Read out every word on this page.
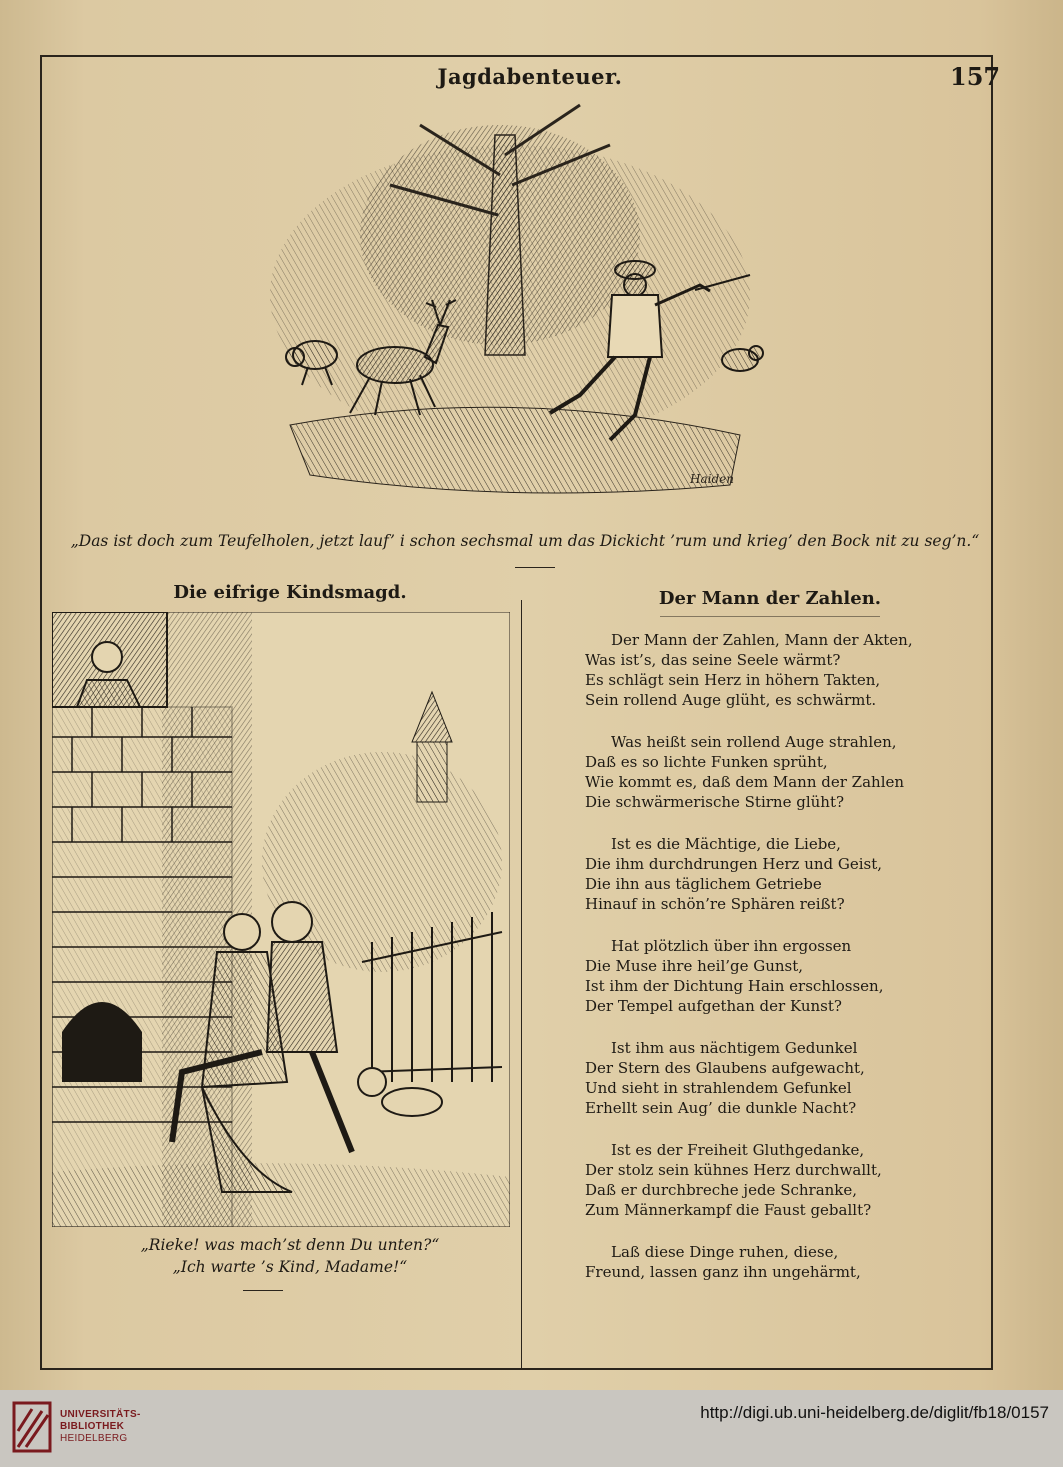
Jagdabenteuer.	157
Haiden
„Das ist doch zum Teufelholen, jetzt lauf’ i schon sechsmal um das Dickicht ’rum und krieg’ den Bock nit zu seg’n.“
Die eifrige Kindsmagd.	Der Mann der Zahlen.
„Rieke! was mach’st denn Du unten?“
„Ich warte ’s Kind, Madame!“
Der Mann der Zahlen, Mann der Akten,
Was ist’s, das seine Seele wärmt?
Es schlägt sein Herz in höhern Takten,
Sein rollend Auge glüht, es schwärmt.
Was heißt sein rollend Auge strahlen,
Daß es so lichte Funken sprüht,
Wie kommt es, daß dem Mann der Zahlen
Die schwärmerische Stirne glüht?
Ist es die Mächtige, die Liebe,
Die ihm durchdrungen Herz und Geist,
Die ihn aus täglichem Getriebe
Hinauf in schön’re Sphären reißt?
Hat plötzlich über ihn ergossen
Die Muse ihre heil’ge Gunst,
Ist ihm der Dichtung Hain erschlossen,
Der Tempel aufgethan der Kunst?
Ist ihm aus nächtigem Gedunkel
Der Stern des Glaubens aufgewacht,
Und sieht in strahlendem Gefunkel
Erhellt sein Aug’ die dunkle Nacht?
Ist es der Freiheit Gluthgedanke,
Der stolz sein kühnes Herz durchwallt,
Daß er durchbreche jede Schranke,
Zum Männerkampf die Faust geballt?
Laß diese Dinge ruhen, diese,
Freund, lassen ganz ihn ungehärmt,
UNIVERSITÄTS-
BIBLIOTHEK
HEIDELBERG
http://digi.ub.uni-heidelberg.de/diglit/fb18/0157
